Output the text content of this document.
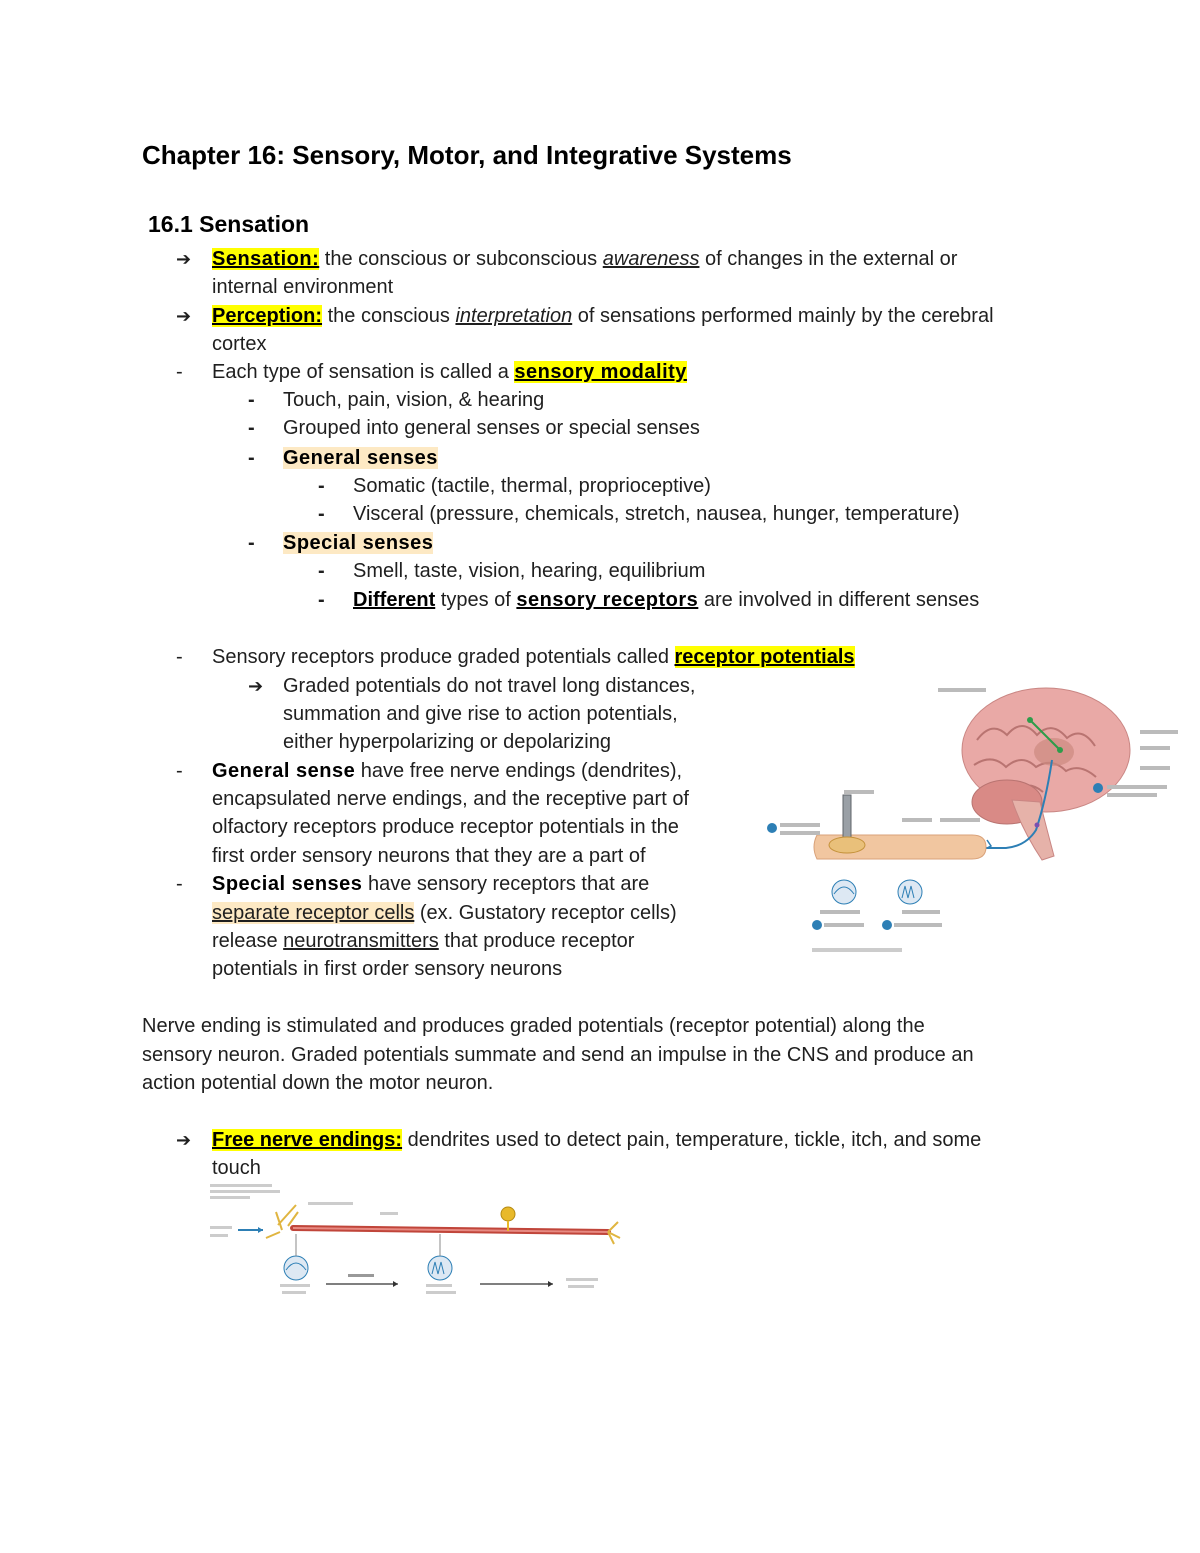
Chapter 16: Sensory, Motor, and Integrative Systems
16.1 Sensation
➔ Sensation: the conscious or subconscious awareness of changes in the external or
internal environment
➔ Perception: the conscious interpretation of sensations performed mainly by the cerebral
cortex
- Each type of sensation is called a sensory modality
- Touch, pain, vision, & hearing
- Grouped into general senses or special senses
- General senses
- Somatic (tactile, thermal, proprioceptive)
- Visceral (pressure, chemicals, stretch, nausea, hunger, temperature)
- Special senses
- Smell, taste, vision, hearing, equilibrium
- Different types of sensory receptors are involved in different senses
- Sensory receptors produce graded potentials called receptor potentials
➔ Graded potentials do not travel long distances,
summation and give rise to action potentials,
either hyperpolarizing or depolarizing
- General sense have free nerve endings (dendrites),
encapsulated nerve endings, and the receptive part of
olfactory receptors produce receptor potentials in the
first order sensory neurons that they are a part of
- Special senses have sensory receptors that are
separate receptor cells (ex. Gustatory receptor cells)
release neurotransmitters that produce receptor
potentials in first order sensory neurons
Nerve ending is stimulated and produces graded potentials (receptor potential) along the
sensory neuron. Graded potentials summate and send an impulse in the CNS and produce an
action potential down the motor neuron.
➔ Free nerve endings: dendrites used to detect pain, temperature, tickle, itch, and some
touch
